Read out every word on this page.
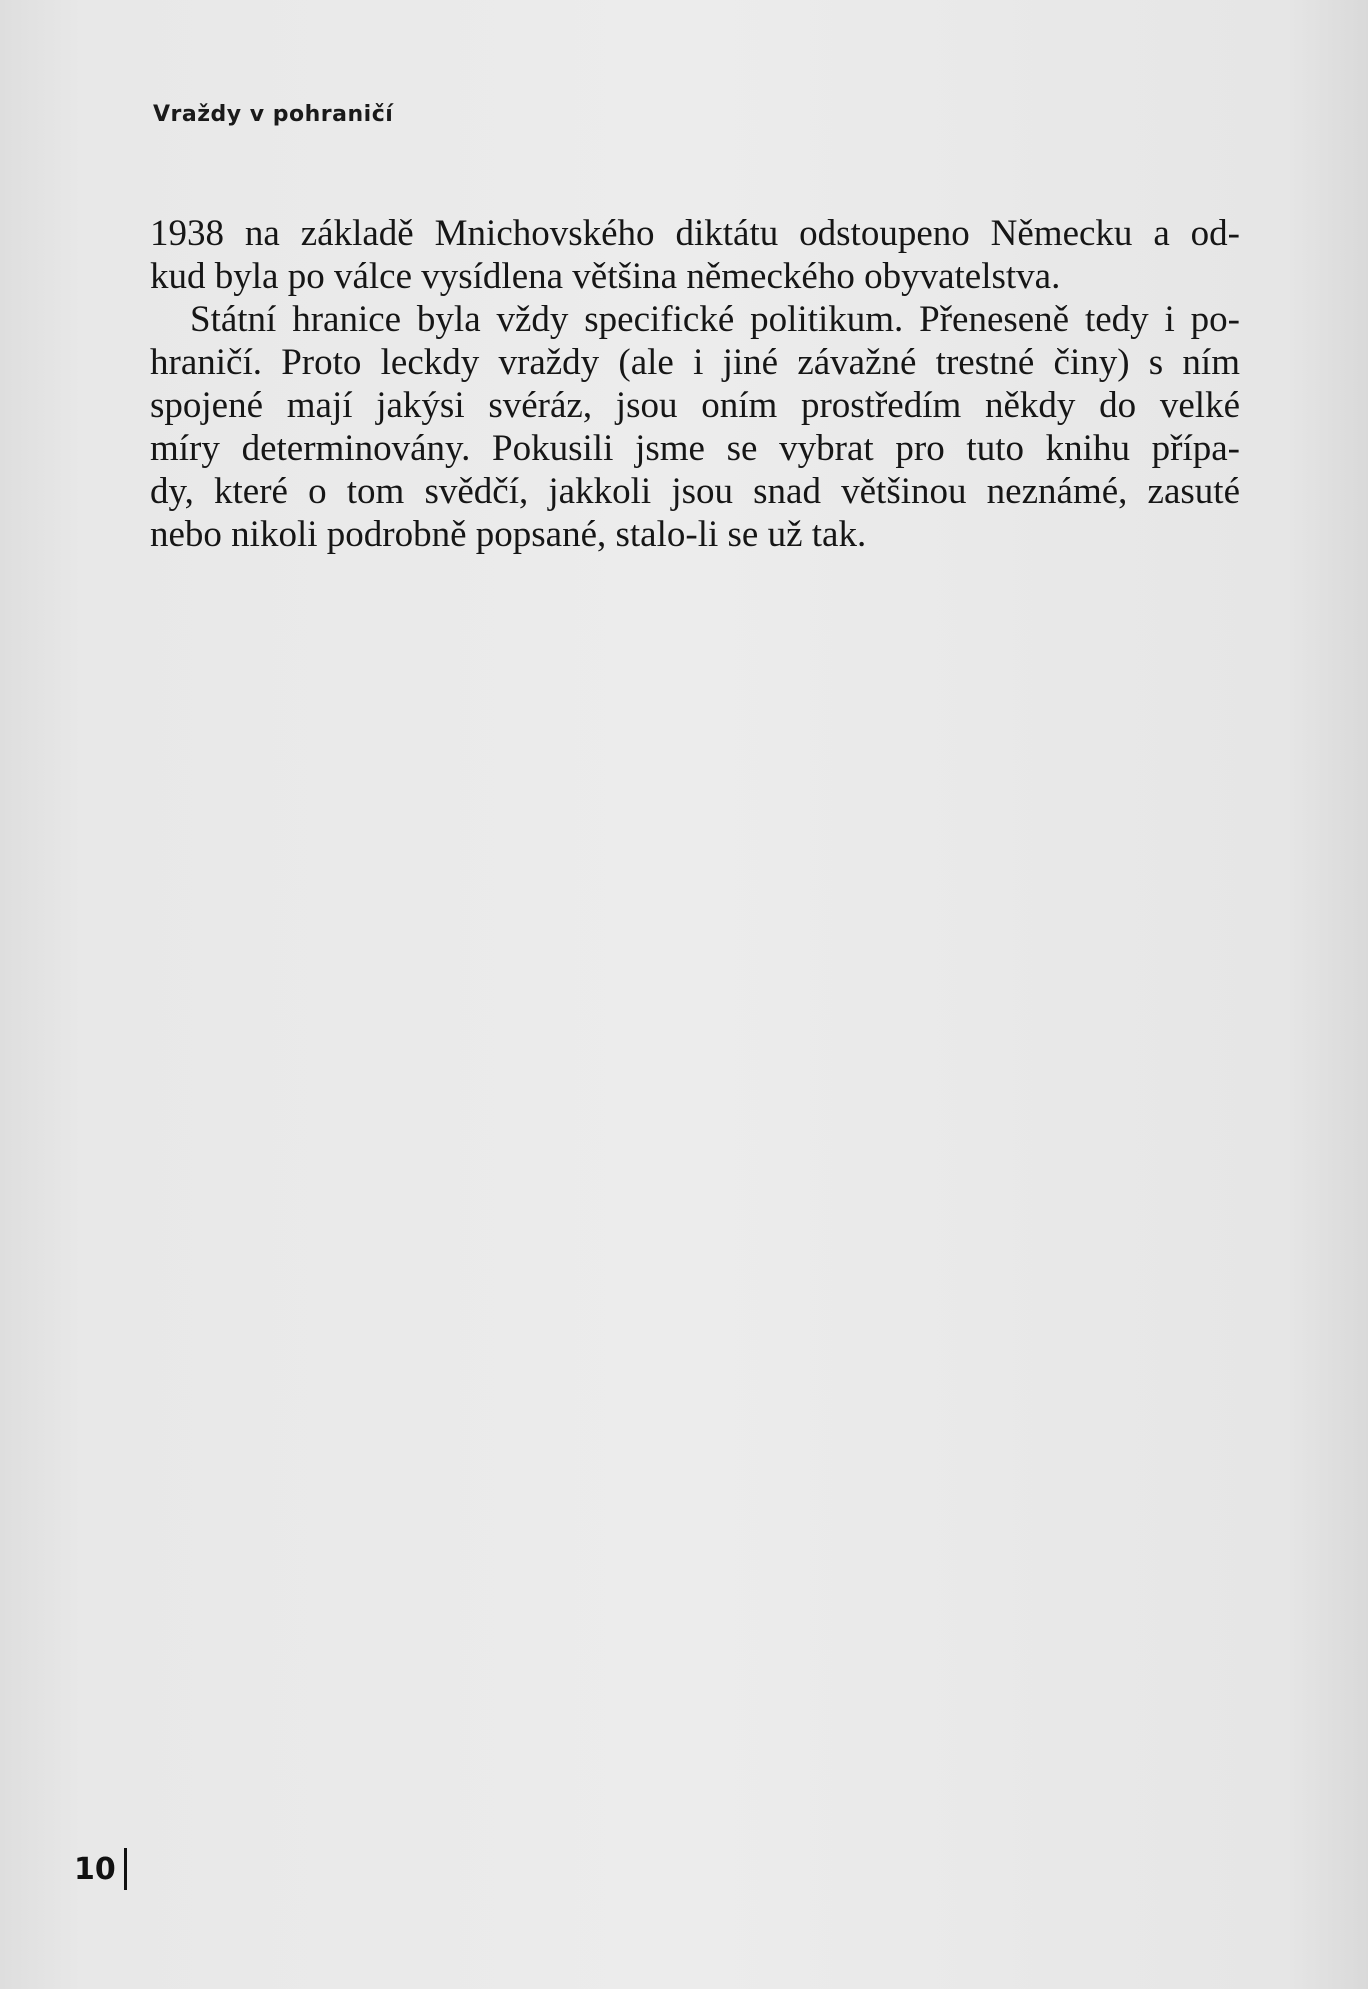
Vraždy v pohraničí
1938 na základě Mnichovského diktátu odstoupeno Německu a od-
kud byla po válce vysídlena většina německého obyvatelstva.
Státní hranice byla vždy specifické politikum. Přeneseně tedy i po-
hraničí. Proto leckdy vraždy (ale i jiné závažné trestné činy) s ním
spojené mají jakýsi svéráz, jsou oním prostředím někdy do velké
míry determinovány. Pokusili jsme se vybrat pro tuto knihu přípa-
dy, které o tom svědčí, jakkoli jsou snad většinou neznámé, zasuté
nebo nikoli podrobně popsané, stalo-li se už tak.
10
